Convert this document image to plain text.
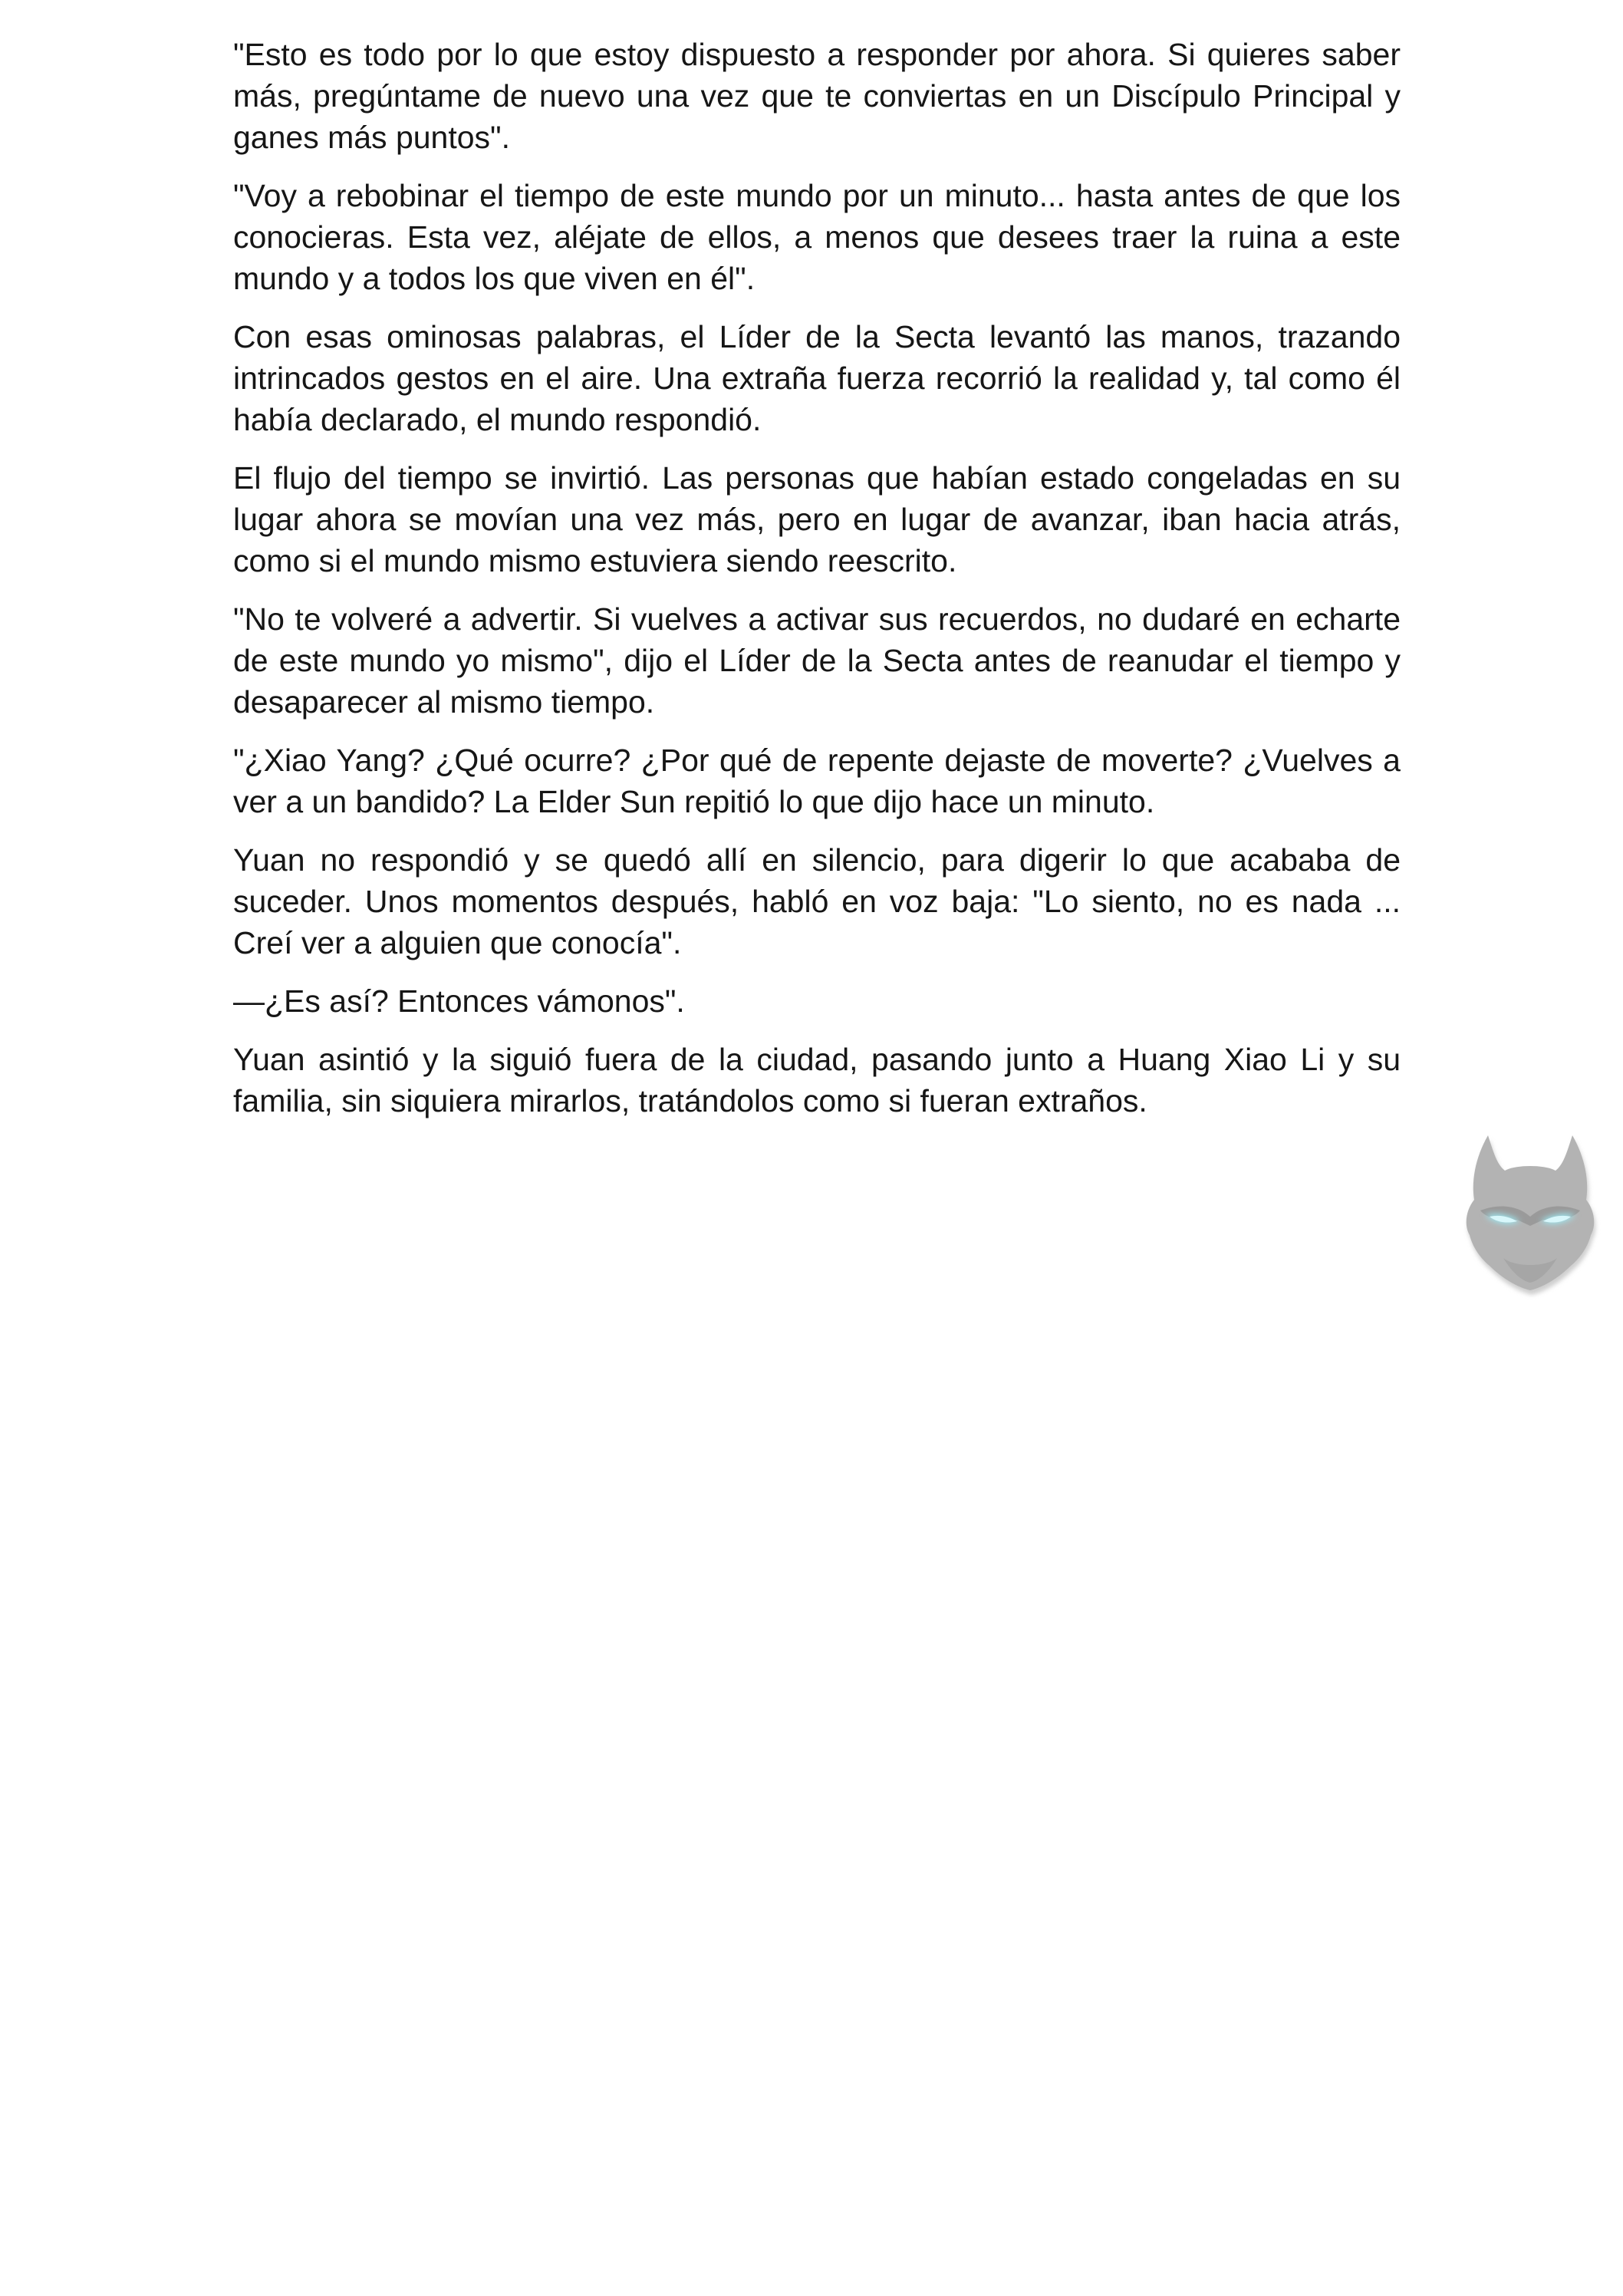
"Esto es todo por lo que estoy dispuesto a responder por ahora. Si quieres saber más, pregúntame de nuevo una vez que te conviertas en un Discípulo Principal y ganes más puntos".

"Voy a rebobinar el tiempo de este mundo por un minuto... hasta antes de que los conocieras. Esta vez, aléjate de ellos, a menos que desees traer la ruina a este mundo y a todos los que viven en él".

Con esas ominosas palabras, el Líder de la Secta levantó las manos, trazando intrincados gestos en el aire. Una extraña fuerza recorrió la realidad y, tal como él había declarado, el mundo respondió.

El flujo del tiempo se invirtió. Las personas que habían estado congeladas en su lugar ahora se movían una vez más, pero en lugar de avanzar, iban hacia atrás, como si el mundo mismo estuviera siendo reescrito.

"No te volveré a advertir. Si vuelves a activar sus recuerdos, no dudaré en echarte de este mundo yo mismo", dijo el Líder de la Secta antes de reanudar el tiempo y desaparecer al mismo tiempo.

"¿Xiao Yang? ¿Qué ocurre? ¿Por qué de repente dejaste de moverte? ¿Vuelves a ver a un bandido? La Elder Sun repitió lo que dijo hace un minuto.

Yuan no respondió y se quedó allí en silencio, para digerir lo que acababa de suceder. Unos momentos después, habló en voz baja: "Lo siento, no es nada ... Creí ver a alguien que conocía".

—¿Es así? Entonces vámonos".

Yuan asintió y la siguió fuera de la ciudad, pasando junto a Huang Xiao Li y su familia, sin siquiera mirarlos, tratándolos como si fueran extraños.
